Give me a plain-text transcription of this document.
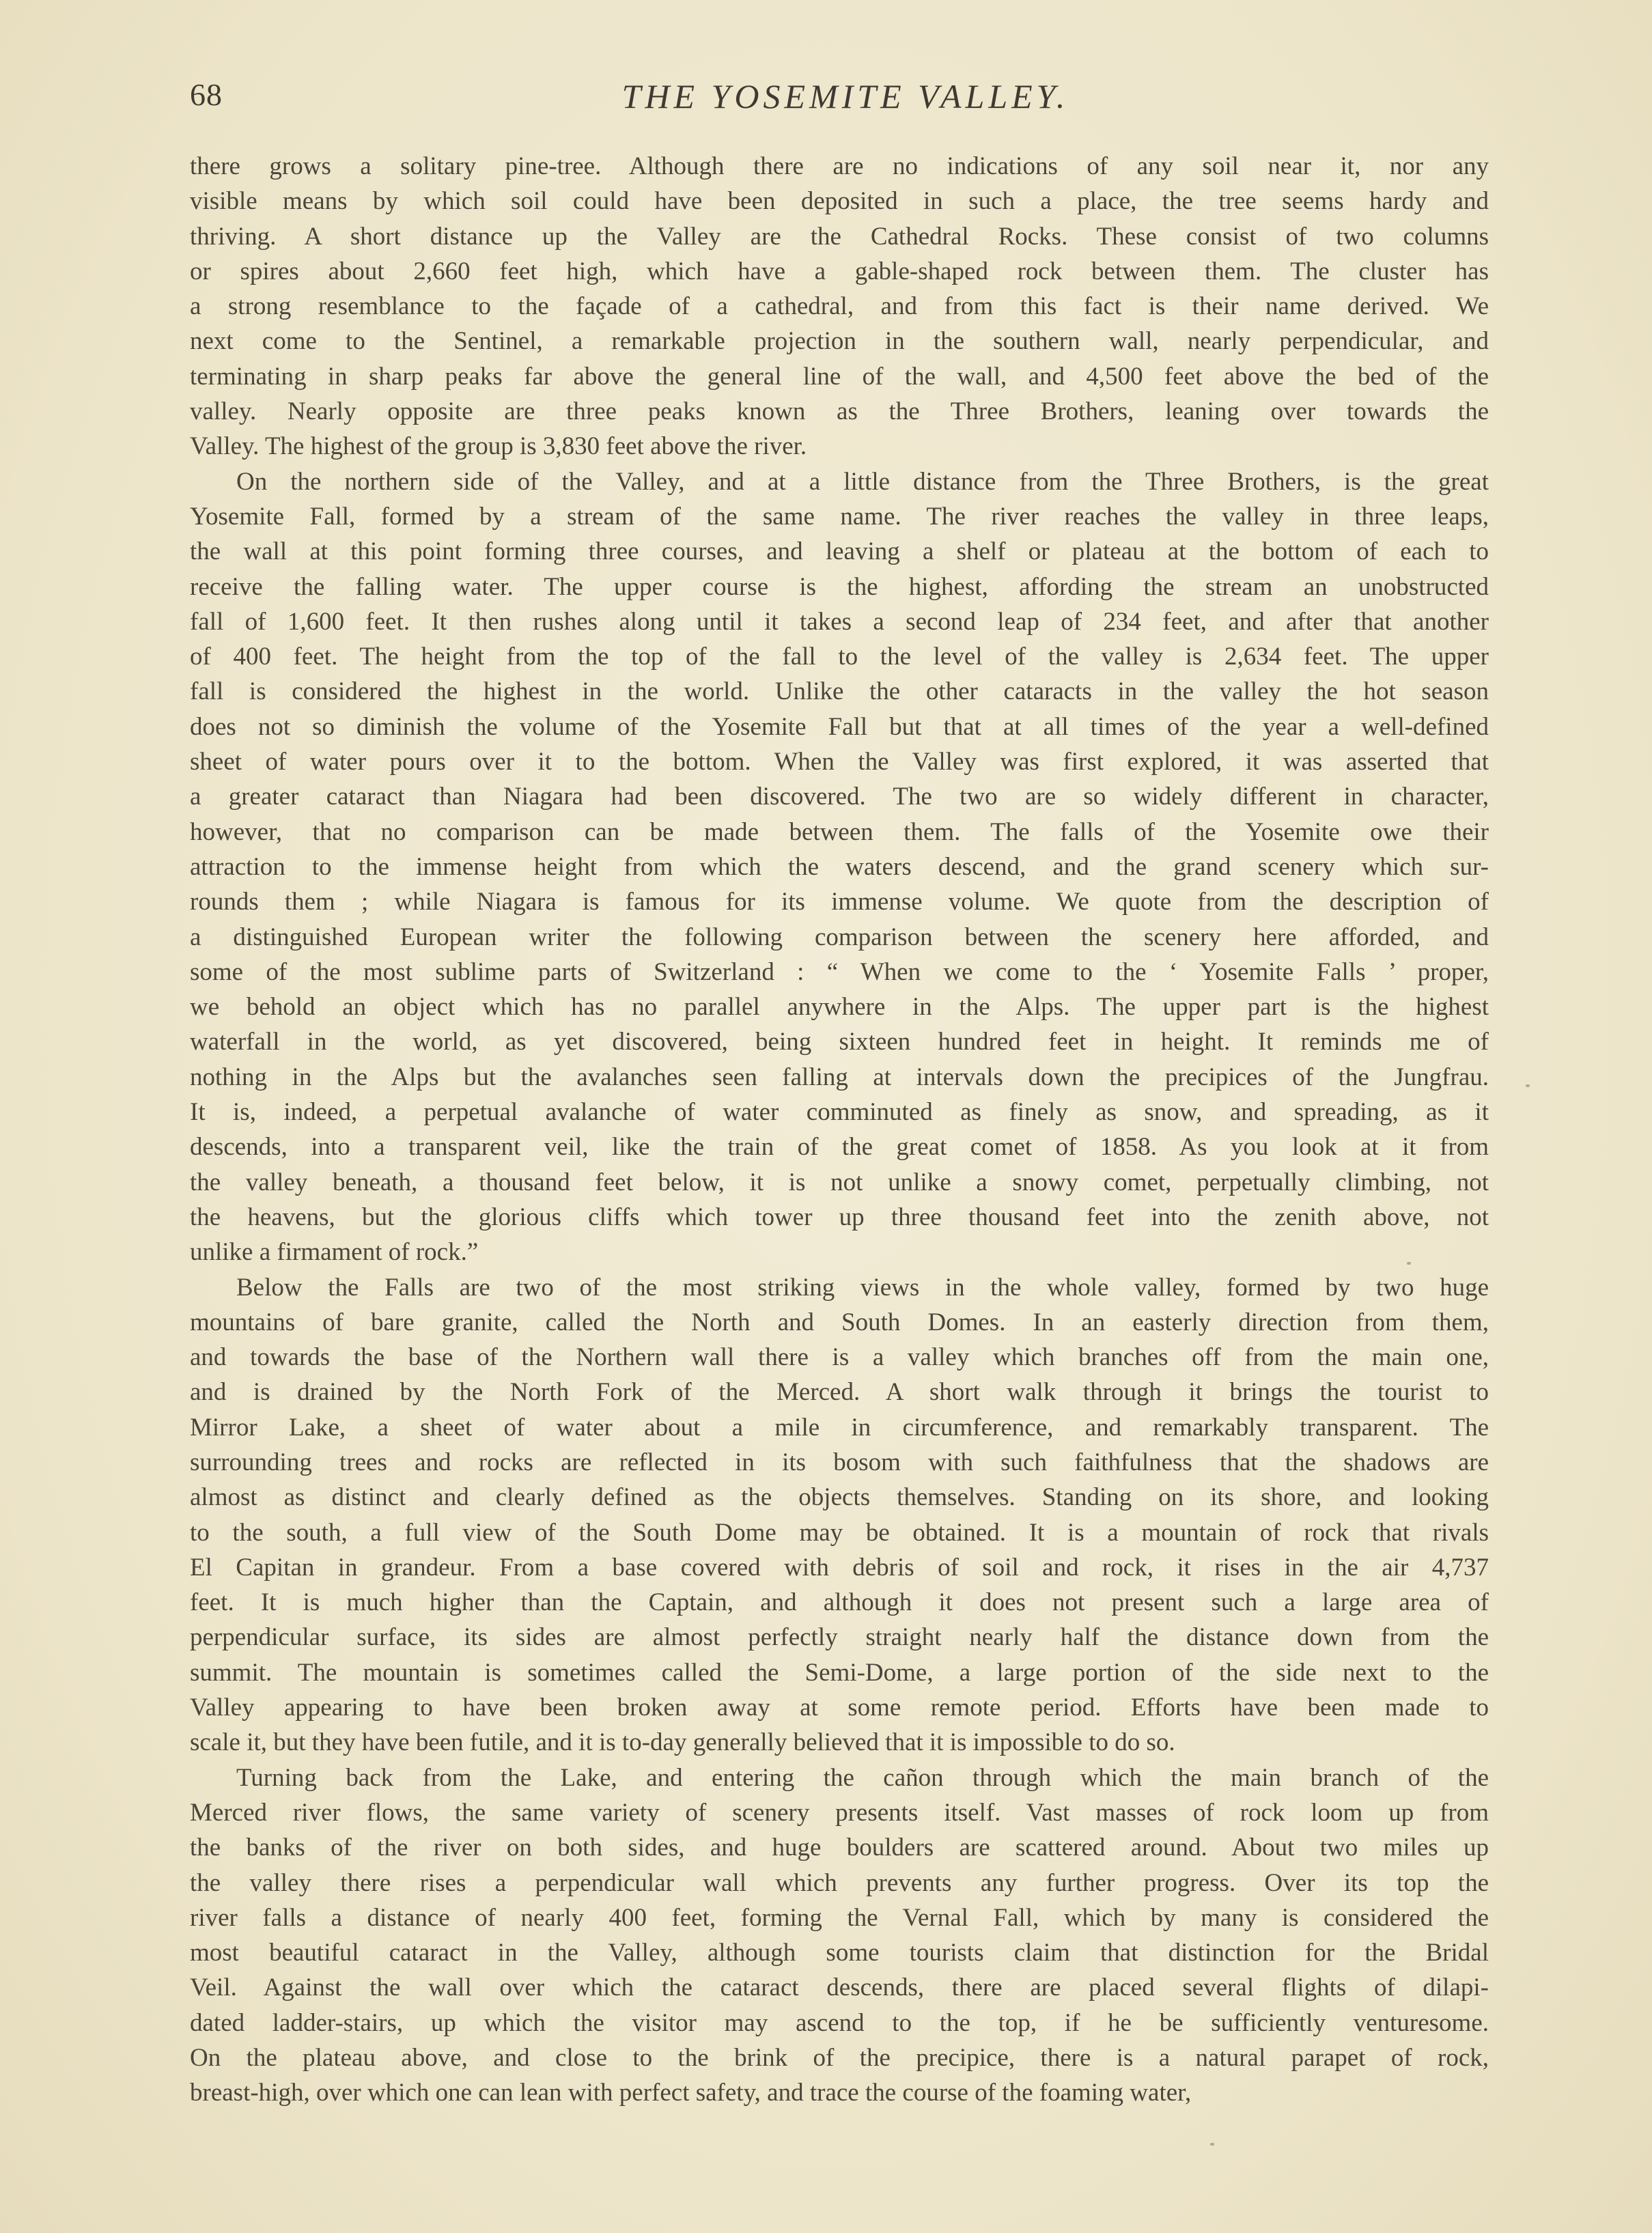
68	THE YOSEMITE VALLEY.

there grows a solitary pine-tree. Although there are no indications of any soil near it, nor any
visible means by which soil could have been deposited in such a place, the tree seems hardy and
thriving. A short distance up the Valley are the Cathedral Rocks. These consist of two columns
or spires about 2,660 feet high, which have a gable-shaped rock between them. The cluster has
a strong resemblance to the façade of a cathedral, and from this fact is their name derived. We
next come to the Sentinel, a remarkable projection in the southern wall, nearly perpendicular, and
terminating in sharp peaks far above the general line of the wall, and 4,500 feet above the bed of the
valley. Nearly opposite are three peaks known as the Three Brothers, leaning over towards the
Valley. The highest of the group is 3,830 feet above the river.

On the northern side of the Valley, and at a little distance from the Three Brothers, is the great
Yosemite Fall, formed by a stream of the same name. The river reaches the valley in three leaps,
the wall at this point forming three courses, and leaving a shelf or plateau at the bottom of each to
receive the falling water. The upper course is the highest, affording the stream an unobstructed
fall of 1,600 feet. It then rushes along until it takes a second leap of 234 feet, and after that another
of 400 feet. The height from the top of the fall to the level of the valley is 2,634 feet. The upper
fall is considered the highest in the world. Unlike the other cataracts in the valley the hot season
does not so diminish the volume of the Yosemite Fall but that at all times of the year a well-defined
sheet of water pours over it to the bottom. When the Valley was first explored, it was asserted that
a greater cataract than Niagara had been discovered. The two are so widely different in character,
however, that no comparison can be made between them. The falls of the Yosemite owe their
attraction to the immense height from which the waters descend, and the grand scenery which sur-
rounds them ; while Niagara is famous for its immense volume. We quote from the description of
a distinguished European writer the following comparison between the scenery here afforded, and
some of the most sublime parts of Switzerland : “ When we come to the ‘ Yosemite Falls ’ proper,
we behold an object which has no parallel anywhere in the Alps. The upper part is the highest
waterfall in the world, as yet discovered, being sixteen hundred feet in height. It reminds me of
nothing in the Alps but the avalanches seen falling at intervals down the precipices of the Jungfrau.
It is, indeed, a perpetual avalanche of water comminuted as finely as snow, and spreading, as it
descends, into a transparent veil, like the train of the great comet of 1858. As you look at it from
the valley beneath, a thousand feet below, it is not unlike a snowy comet, perpetually climbing, not
the heavens, but the glorious cliffs which tower up three thousand feet into the zenith above, not
unlike a firmament of rock.”

Below the Falls are two of the most striking views in the whole valley, formed by two huge
mountains of bare granite, called the North and South Domes. In an easterly direction from them,
and towards the base of the Northern wall there is a valley which branches off from the main one,
and is drained by the North Fork of the Merced. A short walk through it brings the tourist to
Mirror Lake, a sheet of water about a mile in circumference, and remarkably transparent. The
surrounding trees and rocks are reflected in its bosom with such faithfulness that the shadows are
almost as distinct and clearly defined as the objects themselves. Standing on its shore, and looking
to the south, a full view of the South Dome may be obtained. It is a mountain of rock that rivals
El Capitan in grandeur. From a base covered with debris of soil and rock, it rises in the air 4,737
feet. It is much higher than the Captain, and although it does not present such a large area of
perpendicular surface, its sides are almost perfectly straight nearly half the distance down from the
summit. The mountain is sometimes called the Semi-Dome, a large portion of the side next to the
Valley appearing to have been broken away at some remote period. Efforts have been made to
scale it, but they have been futile, and it is to-day generally believed that it is impossible to do so.

Turning back from the Lake, and entering the cañon through which the main branch of the
Merced river flows, the same variety of scenery presents itself. Vast masses of rock loom up from
the banks of the river on both sides, and huge boulders are scattered around. About two miles up
the valley there rises a perpendicular wall which prevents any further progress. Over its top the
river falls a distance of nearly 400 feet, forming the Vernal Fall, which by many is considered the
most beautiful cataract in the Valley, although some tourists claim that distinction for the Bridal
Veil. Against the wall over which the cataract descends, there are placed several flights of dilapi-
dated ladder-stairs, up which the visitor may ascend to the top, if he be sufficiently venturesome.
On the plateau above, and close to the brink of the precipice, there is a natural parapet of rock,
breast-high, over which one can lean with perfect safety, and trace the course of the foaming water,
